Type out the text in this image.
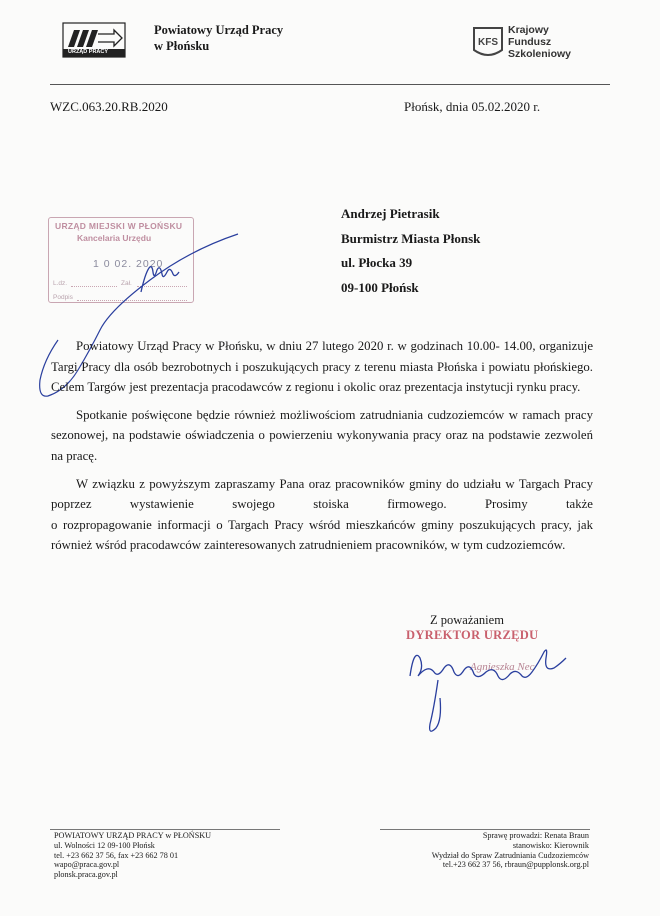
URZĄD PRACY
Powiatowy Urząd Pracy
w Płońsku	KFS
Krajowy
Fundusz
Szkoleniowy
WZC.063.20.RB.2020	Płońsk, dnia 05.02.2020 r.
URZĄD MIEJSKI W PŁOŃSKU
Kancelaria Urzędu
1 0 02. 2020
L.dz.	Zał.
Podpis
Andrzej Pietrasik
Burmistrz Miasta Płonsk
ul. Płocka 39
09-100 Płońsk

Powiatowy Urząd Pracy w Płońsku, w dniu 27 lutego 2020 r. w godzinach 10.00- 14.00, organizuje Targi Pracy dla osób bezrobotnych i poszukujących pracy z terenu miasta Płońska i powiatu płońskiego. Celem Targów jest prezentacja pracodawców z regionu i okolic oraz prezentacja instytucji rynku pracy.

Spotkanie poświęcone będzie również możliwościom zatrudniania cudzoziemców w ramach pracy sezonowej, na podstawie oświadczenia o powierzeniu wykonywania pracy oraz na podstawie zezwoleń na pracę.

W związku z powyższym zapraszamy Pana oraz pracowników gminy do udziału w Targach Pracy poprzez wystawienie swojego stoiska firmowego. Prosimy także

o rozpropagowanie informacji o Targach Pracy wśród mieszkańców gminy poszukujących pracy, jak również wśród pracodawców zainteresowanych zatrudnieniem pracowników, w tym cudzoziemców.

Z poważaniem
DYREKTOR URZĘDU
Agnieszka Nec
POWIATOWY URZĄD PRACY w PŁOŃSKU
ul. Wolności 12 09-100 Płońsk
tel. +23 662 37 56, fax +23 662 78 01
wapo@praca.gov.pl
plonsk.praca.gov.pl
Sprawę prowadzi: Renata Braun
stanowisko: Kierownik
Wydział do Spraw Zatrudniania Cudzoziemców
tel.+23 662 37 56, rbraun@pupplonsk.org.pl
